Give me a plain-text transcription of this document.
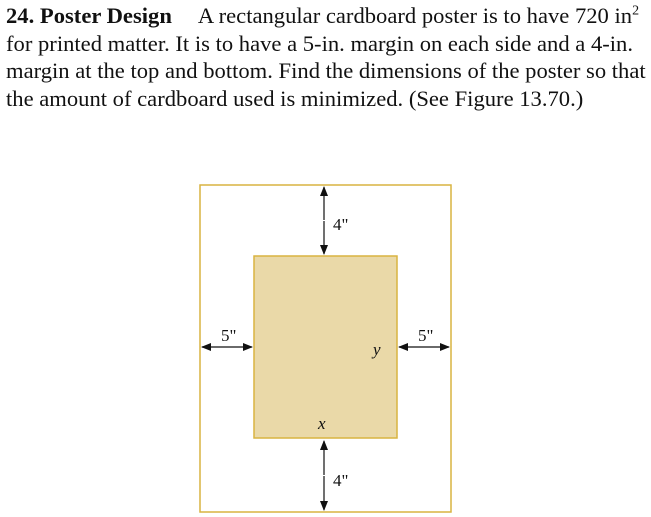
24. Poster Design A rectangular cardboard poster is to have 720 $in^2$ for printed matter. It is to have a 5-in. margin on each side and a 4-in. margin at the top and bottom. Find the dimensions of the poster so that the amount of cardboard used is minimized. (See Figure 13.70.)

4"
4"
5"	5"
x
y
